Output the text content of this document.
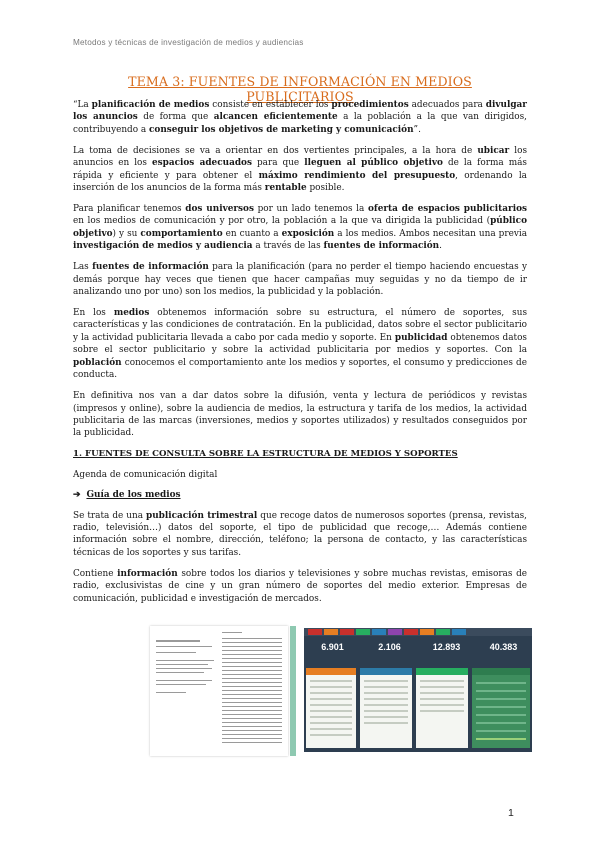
Metodos y técnicas de investigación de medios y audiencias
TEMA 3: FUENTES DE INFORMACIÓN EN MEDIOS PUBLICITARIOS

“La planificación de medios consiste en establecer los procedimientos adecuados para divulgar los anuncios de forma que alcancen eficientemente a la población a la que van dirigidos, contribuyendo a conseguir los objetivos de marketing y comunicación”.

La toma de decisiones se va a orientar en dos vertientes principales, a la hora de ubicar los anuncios en los espacios adecuados para que lleguen al público objetivo de la forma más rápida y eficiente y para obtener el máximo rendimiento del presupuesto, ordenando la inserción de los anuncios de la forma más rentable posible.

Para planificar tenemos dos universos por un lado tenemos la oferta de espacios publicitarios en los medios de comunicación y por otro, la población a la que va dirigida la publicidad (público objetivo) y su comportamiento en cuanto a exposición a los medios. Ambos necesitan una previa investigación de medios y audiencia a través de las fuentes de información.

Las fuentes de información para la planificación (para no perder el tiempo haciendo encuestas y demás porque hay veces que tienen que hacer campañas muy seguidas y no da tiempo de ir analizando uno por uno) son los medios, la publicidad y la población.

En los medios obtenemos información sobre su estructura, el número de soportes, sus características y las condiciones de contratación. En la publicidad, datos sobre el sector publicitario y la actividad publicitaria llevada a cabo por cada medio y soporte. En publicidad obtenemos datos sobre el sector publicitario y sobre la actividad publicitaria por medios y soportes. Con la población conocemos el comportamiento ante los medios y soportes, el consumo y predicciones de conducta.

En definitiva nos van a dar datos sobre la difusión, venta y lectura de periódicos y revistas (impresos y online), sobre la audiencia de medios, la estructura y tarifa de los medios, la actividad publicitaria de las marcas (inversiones, medios y soportes utilizados) y resultados conseguidos por la publicidad.

1. FUENTES DE CONSULTA SOBRE LA ESTRUCTURA DE MEDIOS Y SOPORTES
Agenda de comunicación digital
➔ Guía de los medios

Se trata de una publicación trimestral que recoge datos de numerosos soportes (prensa, revistas, radio, televisión…) datos del soporte, el tipo de publicidad que recoge,… Además contiene información sobre el nombre, dirección, teléfono; la persona de contacto, y las características técnicas de los soportes y sus tarifas.

Contiene información sobre todos los diarios y televisiones y sobre muchas revistas, emisoras de radio, exclusivistas de cine y un gran número de soportes del medio exterior. Empresas de comunicación, publicidad e investigación de mercados.

6.901	2.106	12.893	40.383
1
